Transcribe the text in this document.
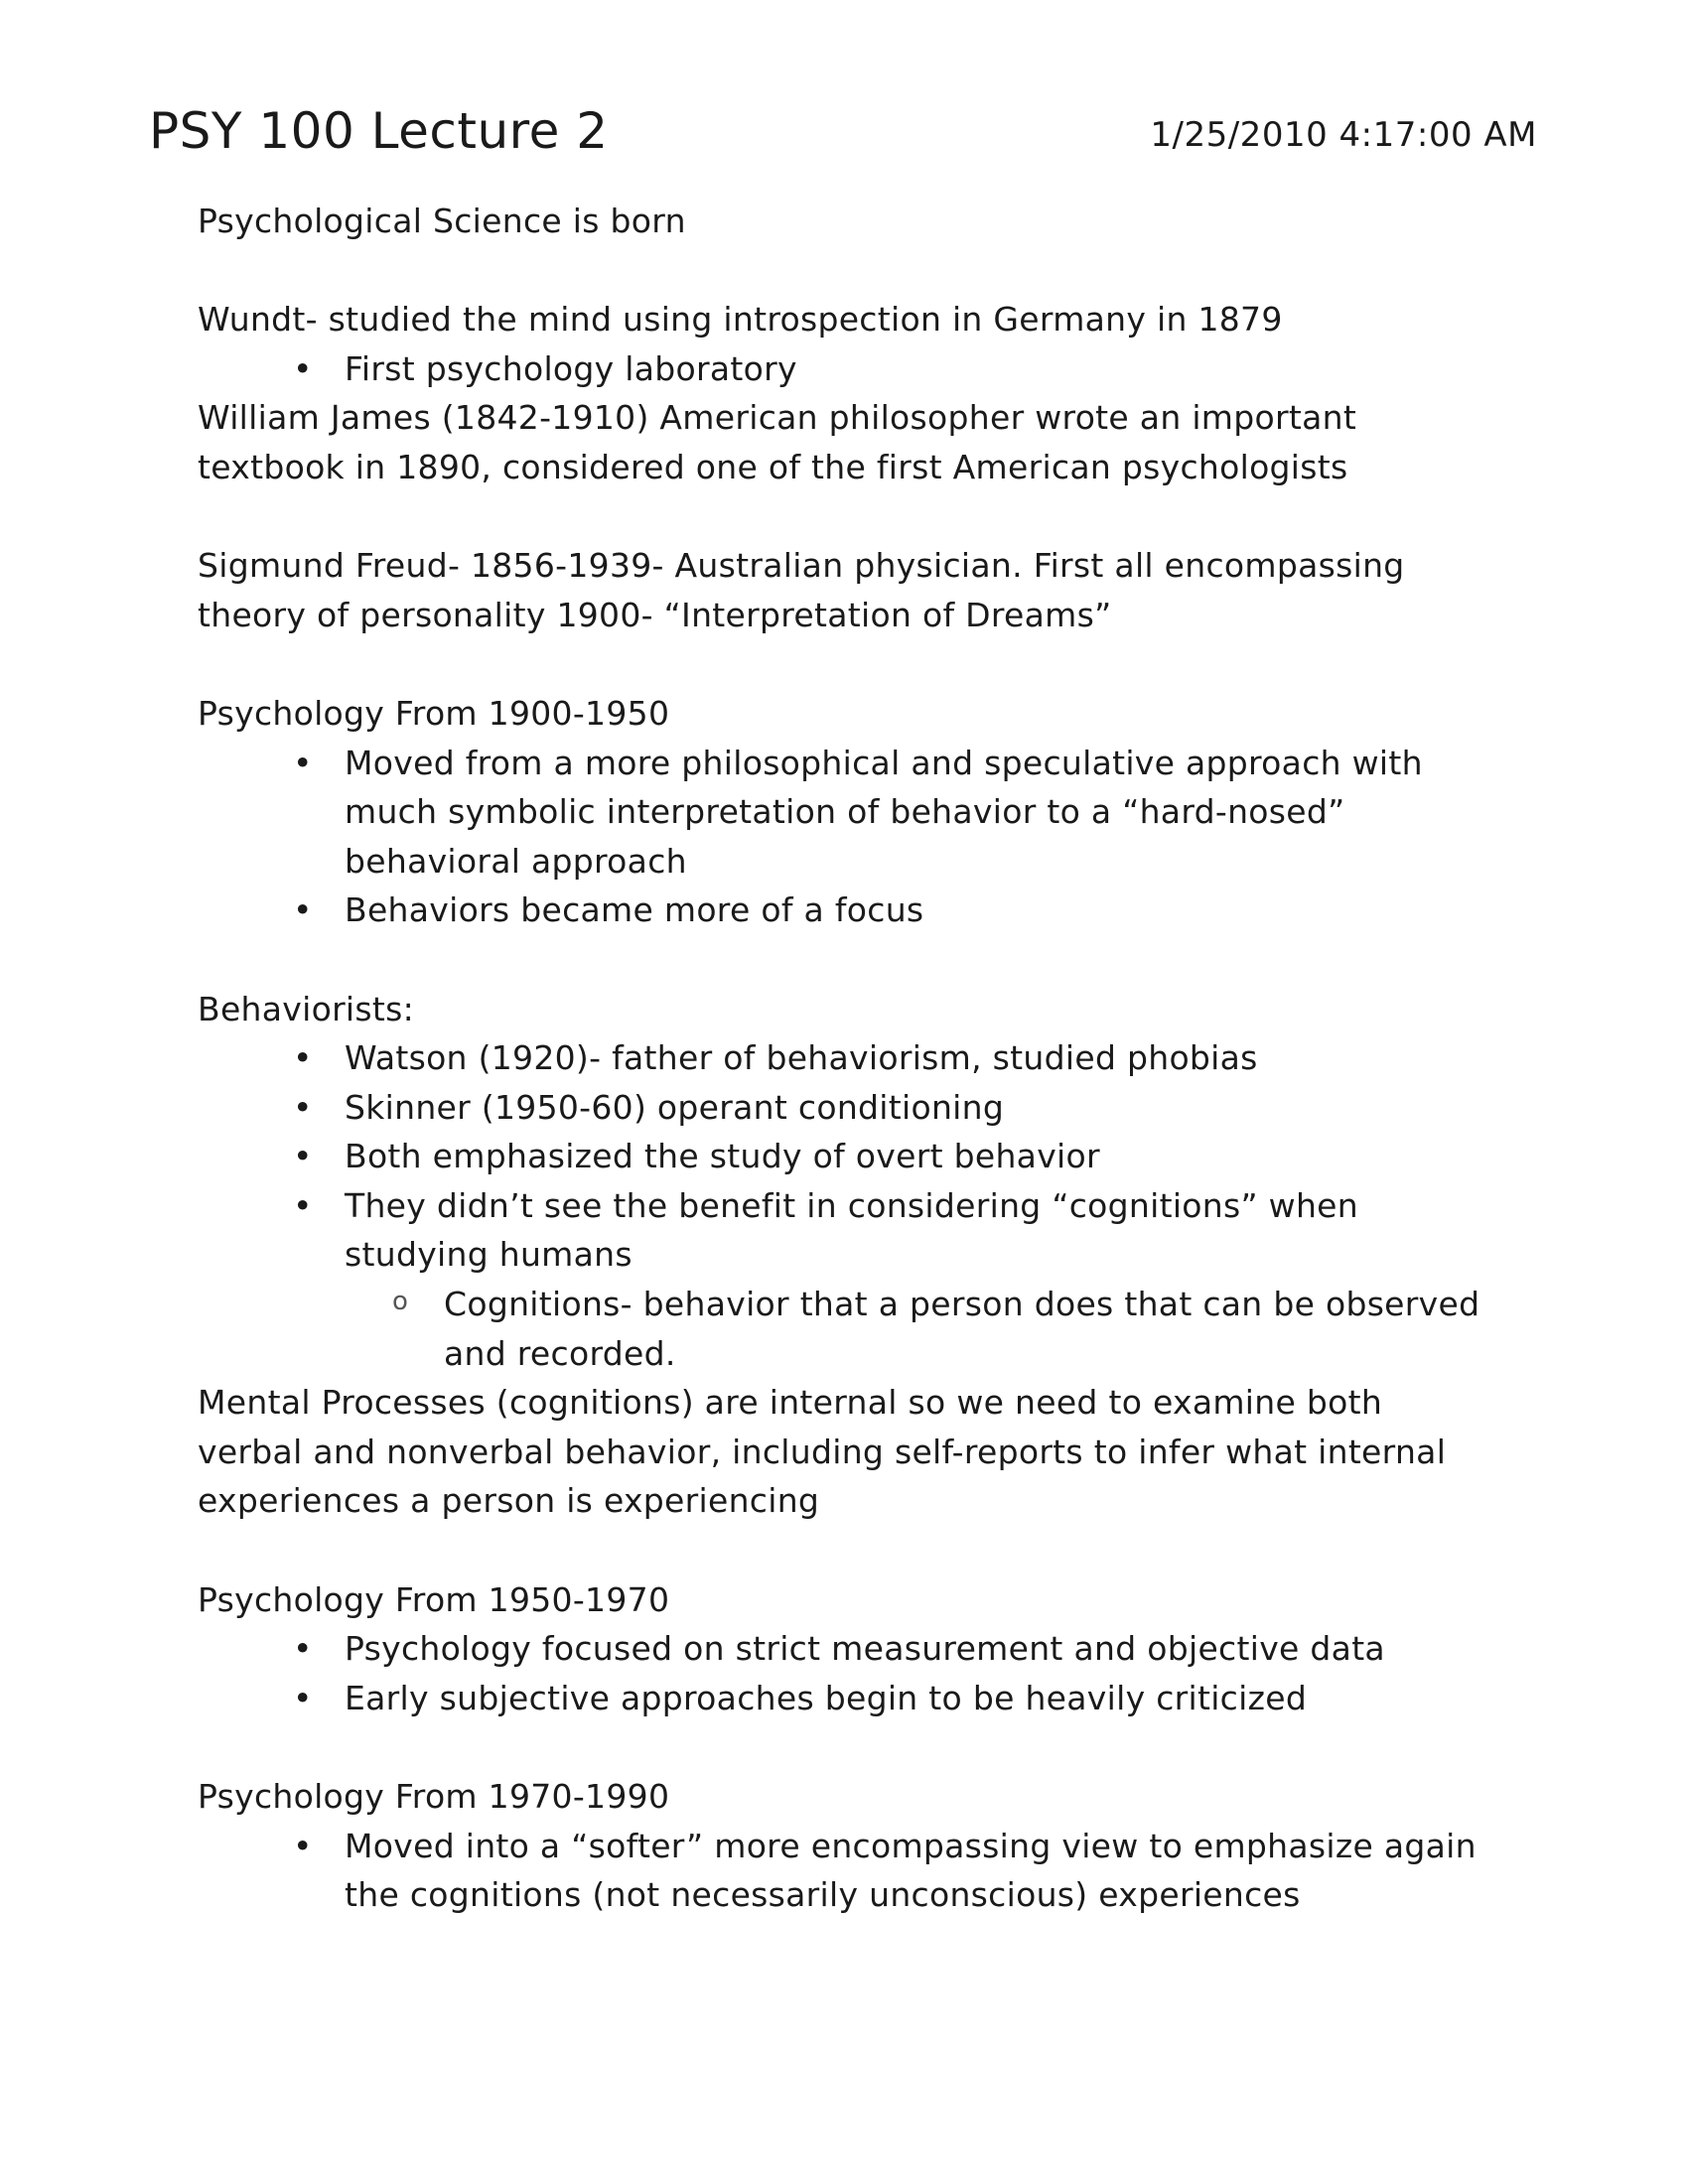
PSY 100 Lecture 2	1/25/2010 4:17:00 AM

Psychological Science is born

Wundt- studied the mind using introspection in Germany in 1879

• First psychology laboratory

William James (1842-1910) American philosopher wrote an important

textbook in 1890, considered one of the first American psychologists

Sigmund Freud- 1856-1939- Australian physician. First all encompassing

theory of personality 1900- “Interpretation of Dreams”

Psychology From 1900-1950

• Moved from a more philosophical and speculative approach with
much symbolic interpretation of behavior to a “hard-nosed”
behavioral approach

• Behaviors became more of a focus

Behaviorists:

• Watson (1920)- father of behaviorism, studied phobias

• Skinner (1950-60) operant conditioning

• Both emphasized the study of overt behavior

• They didn’t see the benefit in considering “cognitions” when
studying humans

o Cognitions- behavior that a person does that can be observed
and recorded.

Mental Processes (cognitions) are internal so we need to examine both

verbal and nonverbal behavior, including self-reports to infer what internal

experiences a person is experiencing

Psychology From 1950-1970

• Psychology focused on strict measurement and objective data

• Early subjective approaches begin to be heavily criticized

Psychology From 1970-1990

• Moved into a “softer” more encompassing view to emphasize again
the cognitions (not necessarily unconscious) experiences
